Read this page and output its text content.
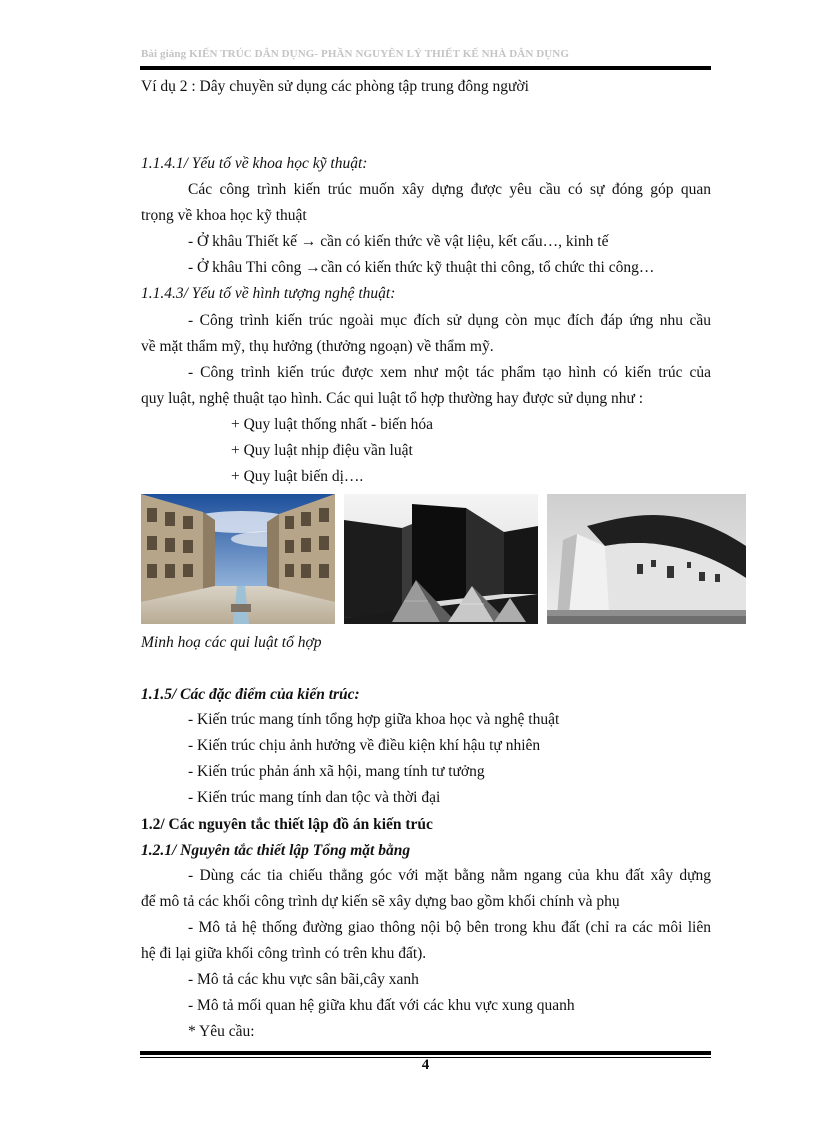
Bài giảng KIẾN TRÚC DÂN DỤNG- PHẦN NGUYÊN LÝ THIẾT KẾ NHÀ DÂN DỤNG
Ví dụ 2 : Dây chuyền sử dụng các phòng tập trung đông người
1.1.4.1/ Yếu tố về khoa học kỹ thuật:
Các công trình kiến trúc muốn xây dựng được yêu cầu có sự đóng góp quan
trọng về khoa học kỹ thuật
- Ở khâu Thiết kế → cần có kiến thức về vật liệu, kết cấu…, kinh tế
- Ở khâu Thi công →cần có kiến thức kỹ thuật thi công, tổ chức thi công…
1.1.4.3/ Yếu tố về hình tượng nghệ thuật:
- Công trình kiến trúc ngoài mục đích sử dụng còn mục đích đáp ứng nhu cầu
về mặt thẩm mỹ, thụ hưởng (thưởng ngoạn) về thẩm mỹ.
- Công trình kiến trúc được xem như một tác phẩm tạo hình có kiến trúc của
quy luật, nghệ thuật tạo hình. Các qui luật tổ hợp thường hay được sử dụng như :
+ Quy luật thống nhất - biến hóa
+ Quy luật nhịp điệu vần luật
+ Quy luật biến dị….
Minh hoạ các qui luật tổ hợp
1.1.5/ Các đặc điểm của kiến trúc:
- Kiến trúc mang tính tổng hợp giữa khoa học và nghệ thuật
- Kiến trúc chịu ảnh hưởng về điều kiện khí hậu tự nhiên
- Kiến trúc phản ánh xã hội, mang tính tư tưởng
- Kiến trúc mang tính dan tộc và thời đại
1.2/ Các nguyên tắc thiết lập đồ án kiến trúc
1.2.1/ Nguyên tắc thiết lập Tổng mặt bằng
- Dùng các tia chiếu thẳng góc với mặt bằng nằm ngang của khu đất xây dựng
để mô tả các khối công trình dự kiến sẽ xây dựng bao gồm khối chính và phụ
- Mô tả hệ thống đường giao thông nội bộ bên trong khu đất (chỉ ra các môi liên
hệ đi lại giữa khối công trình có trên khu đất).
- Mô tả các khu vực sân bãi,cây xanh
- Mô tả mối quan hệ giữa khu đất với các khu vực xung quanh
* Yêu cầu:
4
